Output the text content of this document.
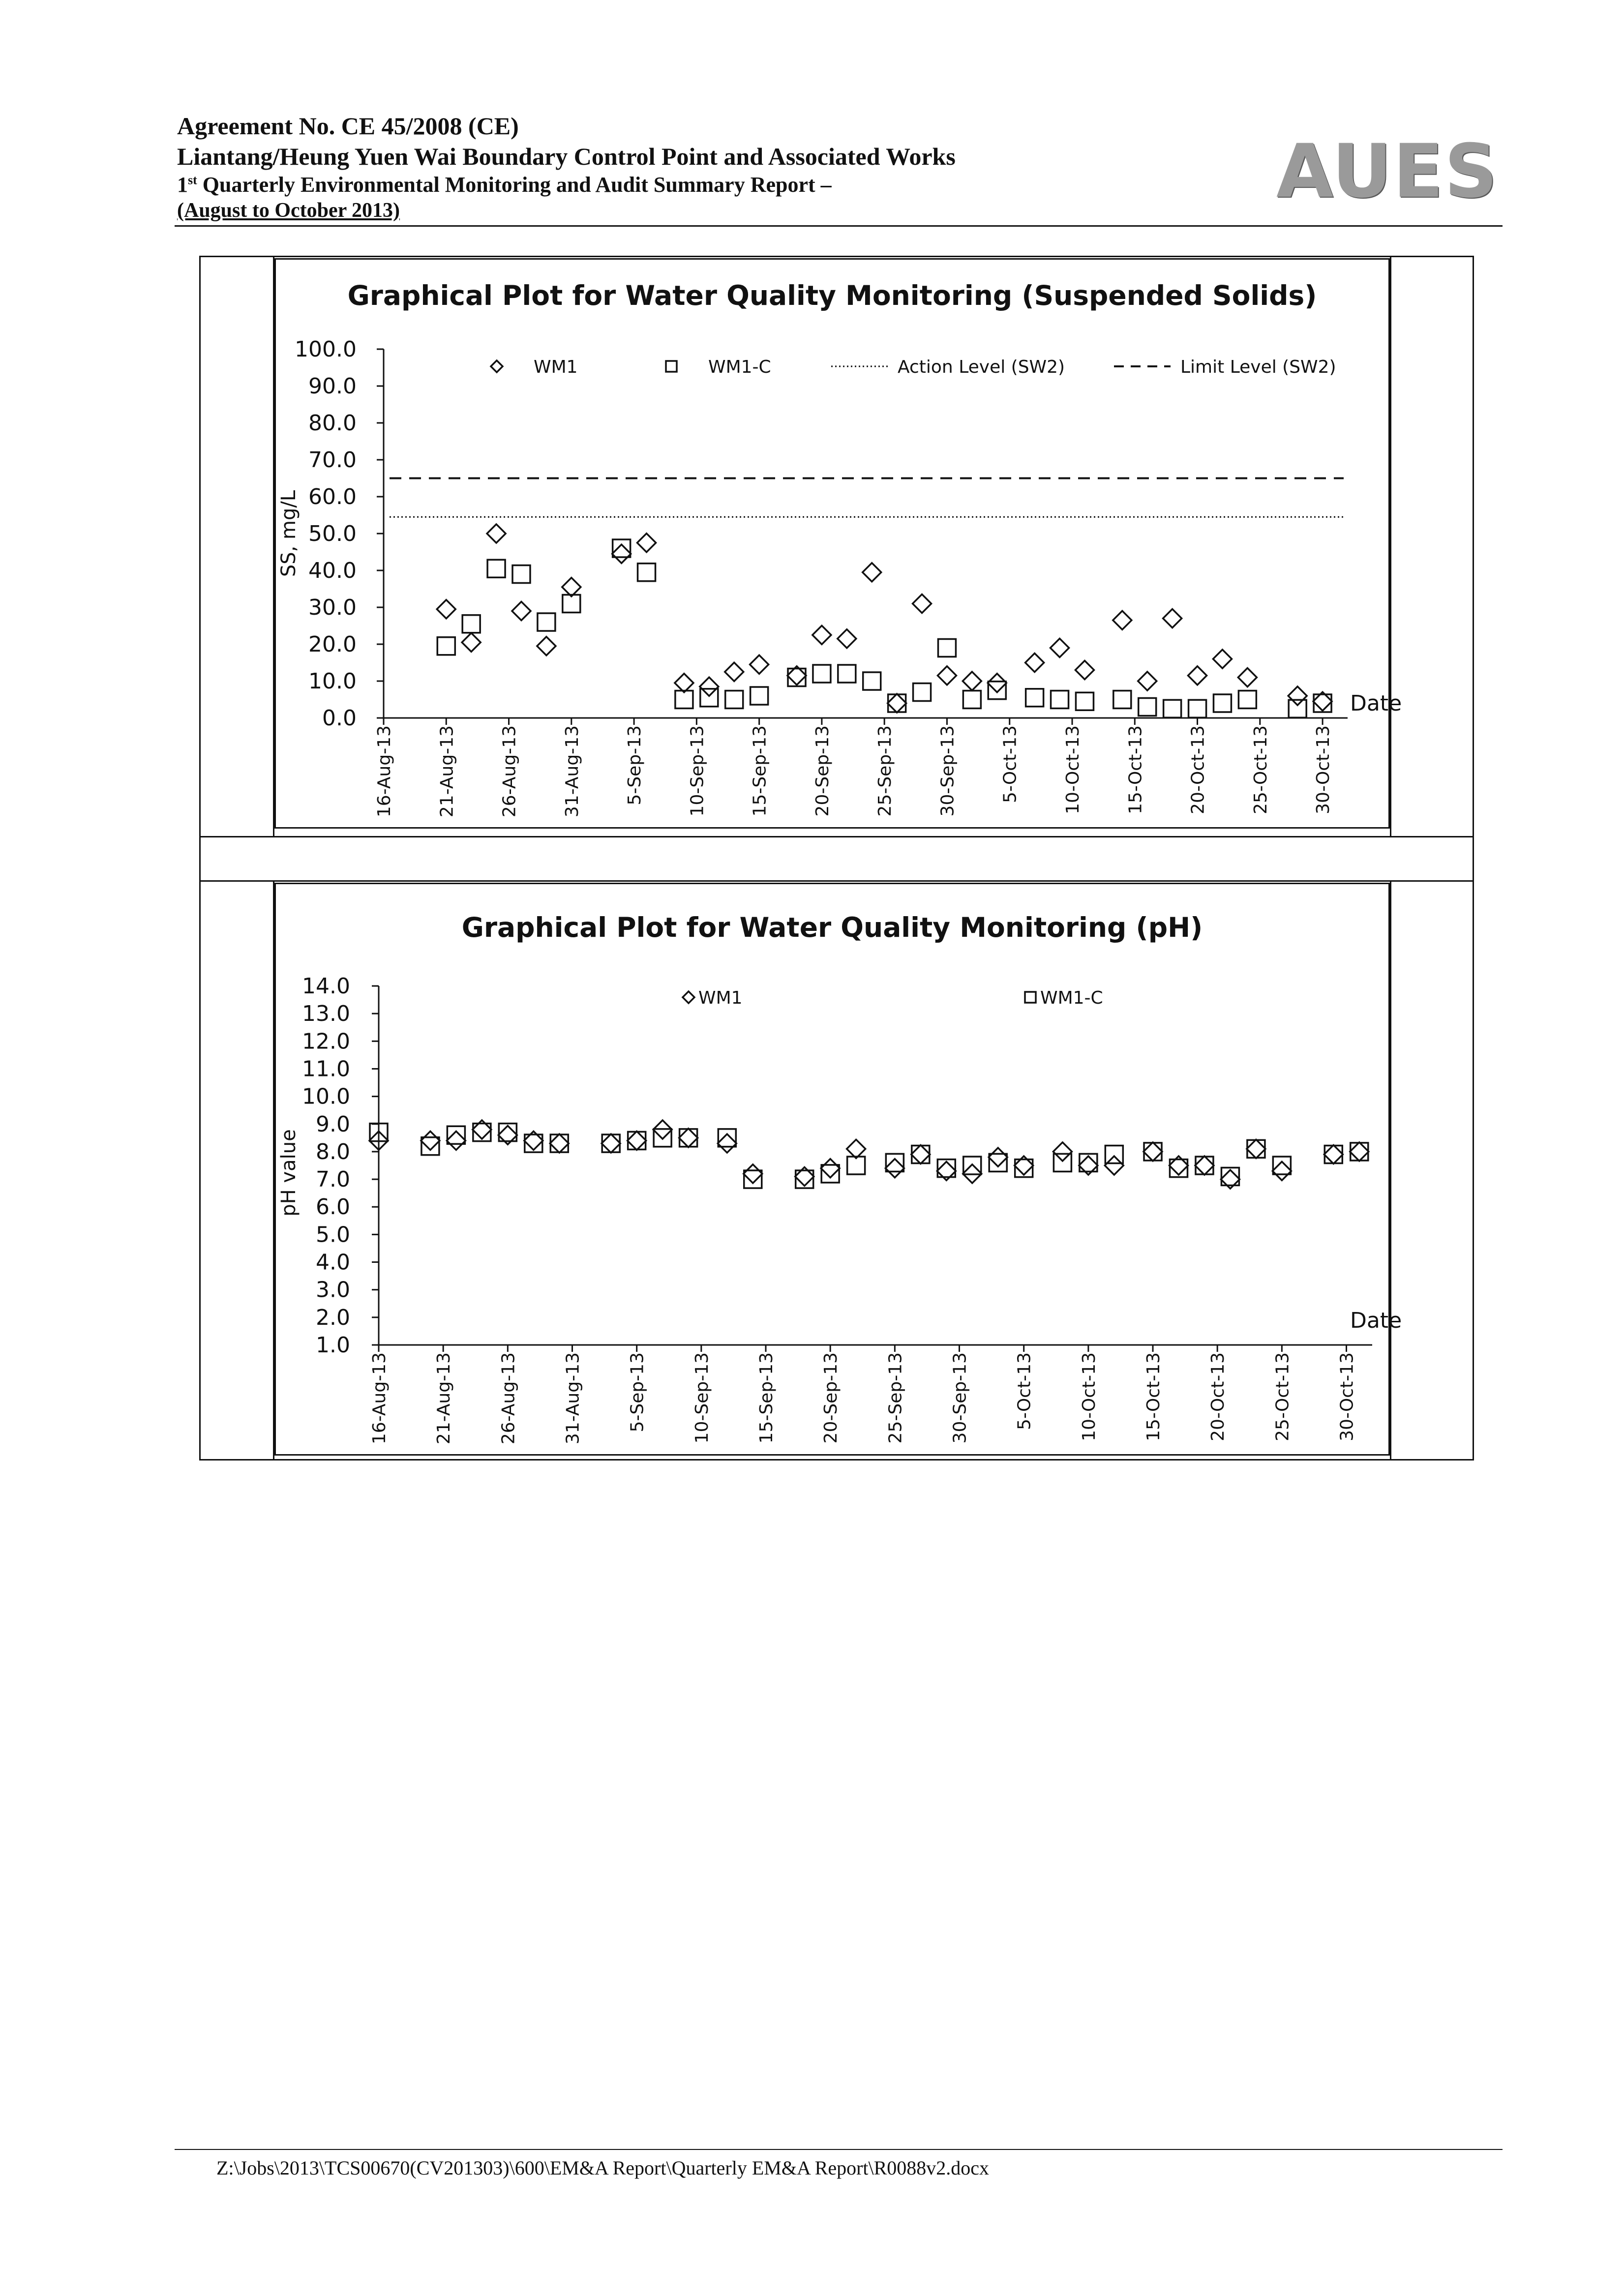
Agreement No. CE 45/2008 (CE)
Liantang/Heung Yuen Wai Boundary Control Point and Associated Works
1st Quarterly Environmental Monitoring and Audit Summary Report –
(August to October 2013)	AUES
Graphical Plot for Water Quality Monitoring (Suspended Solids)
0.0
10.0
20.0
30.0
40.0
50.0
60.0
70.0
80.0
90.0
100.0
SS, mg/L
16-Aug-13 21-Aug-13 26-Aug-13 31-Aug-13 5-Sep-13 10-Sep-13 15-Sep-13 20-Sep-13 25-Sep-13 30-Sep-13 5-Oct-13 10-Oct-13 15-Oct-13 20-Oct-13 25-Oct-13 30-Oct-13
Date
WM1	WM1-C	Action Level (SW2)	Limit Level (SW2)
Graphical Plot for Water Quality Monitoring (pH)
1.0
2.0
3.0
4.0
5.0
6.0
7.0
8.0
9.0
10.0
11.0
12.0
13.0
14.0
pH value
16-Aug-13	21-Aug-13	26-Aug-13	31-Aug-13	5-Sep-13	10-Sep-13	15-Sep-13	20-Sep-13	25-Sep-13	30-Sep-13	5-Oct-13	10-Oct-13	15-Oct-13	20-Oct-13	25-Oct-13	30-Oct-13
Date
WM1	WM1-C
Z:\Jobs\2013\TCS00670(CV201303)\600\EM&A Report\Quarterly EM&A Report\R0088v2.docx
